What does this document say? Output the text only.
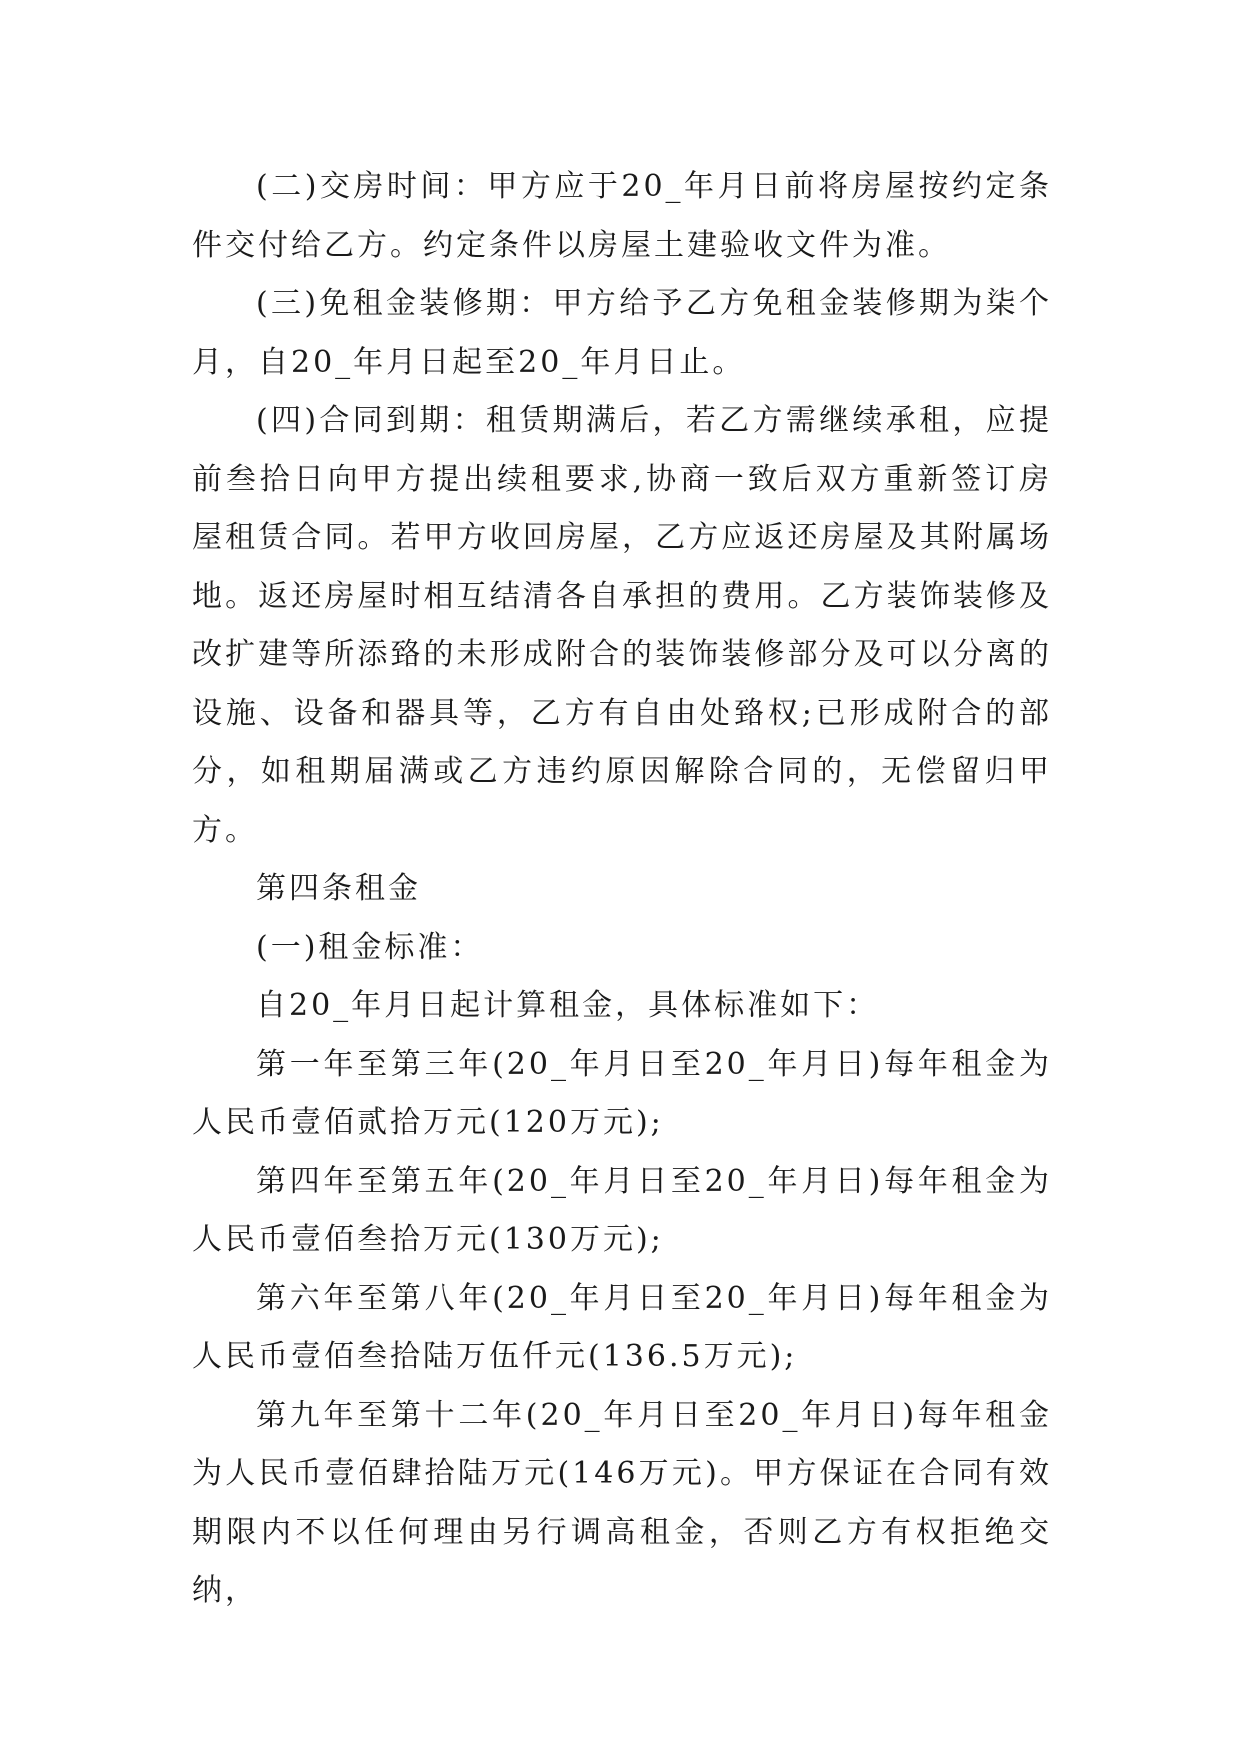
(二)交房时间：甲方应于20_年月日前将房屋按约定条件交付给乙方。约定条件以房屋土建验收文件为准。

(三)免租金装修期：甲方给予乙方免租金装修期为柒个月，自20_年月日起至20_年月日止。

(四)合同到期：租赁期满后，若乙方需继续承租，应提前叁拾日向甲方提出续租要求,协商一致后双方重新签订房屋租赁合同。若甲方收回房屋，乙方应返还房屋及其附属场地。返还房屋时相互结清各自承担的费用。乙方装饰装修及改扩建等所添臵的未形成附合的装饰装修部分及可以分离的设施、设备和器具等，乙方有自由处臵权;已形成附合的部分，如租期届满或乙方违约原因解除合同的，无偿留归甲方。

第四条租金

(一)租金标准：

自20_年月日起计算租金，具体标准如下：

第一年至第三年(20_年月日至20_年月日)每年租金为人民币壹佰贰拾万元(120万元);

第四年至第五年(20_年月日至20_年月日)每年租金为人民币壹佰叁拾万元(130万元);

第六年至第八年(20_年月日至20_年月日)每年租金为人民币壹佰叁拾陆万伍仟元(136.5万元);

第九年至第十二年(20_年月日至20_年月日)每年租金为人民币壹佰肆拾陆万元(146万元)。甲方保证在合同有效期限内不以任何理由另行调高租金，否则乙方有权拒绝交纳，
